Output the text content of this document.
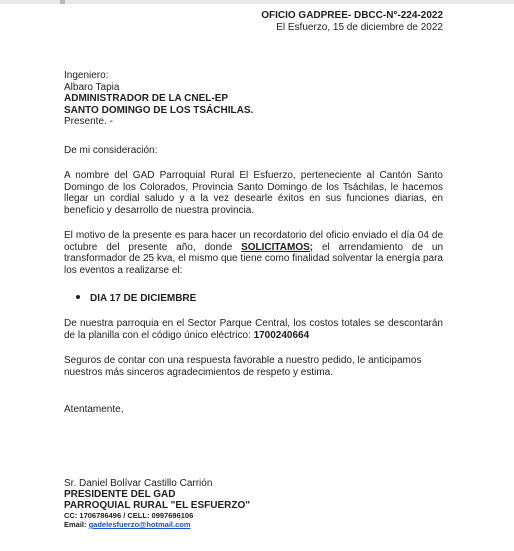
OFICIO GADPREE- DBCC-N°-224-2022
El Esfuerzo, 15 de diciembre de 2022
Ingeniero:
Albaro Tapia
ADMINISTRADOR DE LA CNEL-EP
SANTO DOMINGO DE LOS TSÁCHILAS.
Presente. -
De mi consideración:
A nombre del GAD Parroquial Rural El Esfuerzo, perteneciente al Cantón Santo Domingo de los Colorados, Provincia Santo Domingo de los Tsáchilas, le hacemos llegar un cordial saludo y a la vez desearle éxitos en sus funciones diarias, en beneficio y desarrollo de nuestra provincia.
El motivo de la presente es para hacer un recordatorio del oficio enviado el día 04 de octubre del presente año, donde SOLICITAMOS; el arrendamiento de un transformador de 25 kva, el mismo que tiene como finalidad solventar la energía para los eventos a realizarse el:
DIA 17 DE DICIEMBRE
De nuestra parroquia en el Sector Parque Central, los costos totales se descontarán de la planilla con el código único eléctrico: 1700240664
Seguros de contar con una respuesta favorable a nuestro pedido, le anticipamos nuestros más sinceros agradecimientos de respeto y estima.
Atentamente,
Sr. Daniel Bolívar Castillo Carrión
PRESIDENTE DEL GAD
PARROQUIAL RURAL "EL ESFUERZO"
CC: 1706786496 / CELL: 0997696106
Email: gadelesfuerzo@hotmail.com
